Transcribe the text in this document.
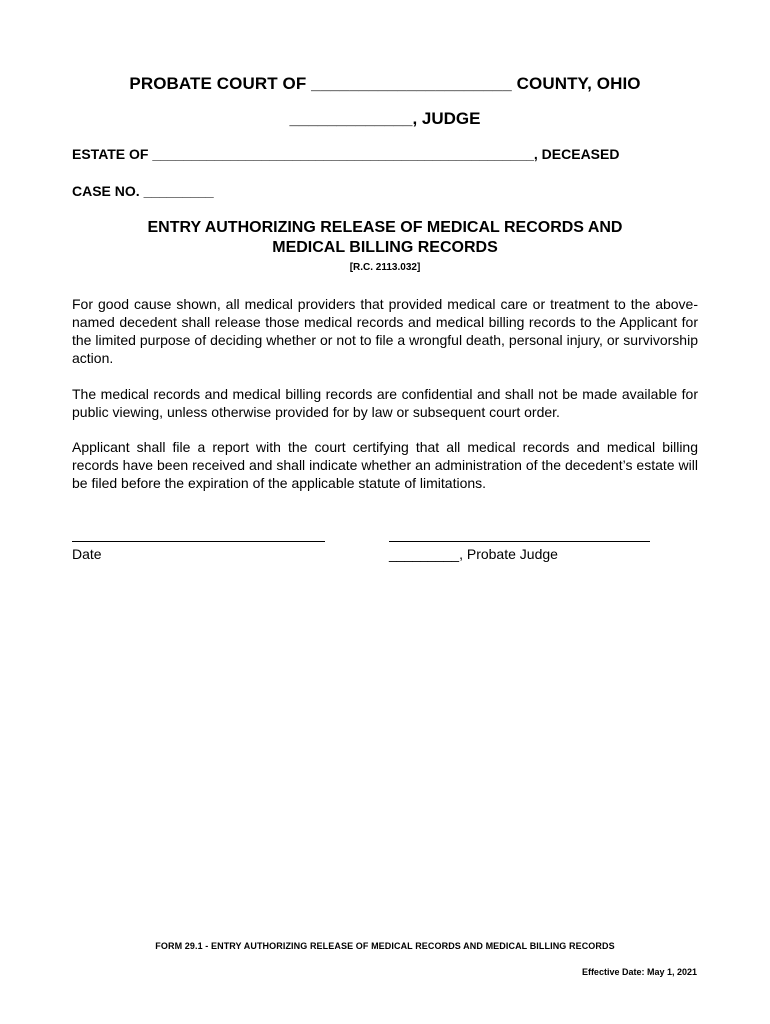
PROBATE COURT OF _____________________ COUNTY, OHIO
_____________, JUDGE
ESTATE OF _________________________________________________, DECEASED
CASE NO. _________
ENTRY AUTHORIZING RELEASE OF MEDICAL RECORDS AND
MEDICAL BILLING RECORDS
[R.C. 2113.032]
For good cause shown, all medical providers that provided medical care or treatment to the above-named decedent shall release those medical records and medical billing records to the Applicant for the limited purpose of deciding whether or not to file a wrongful death, personal injury, or survivorship action.
The medical records and medical billing records are confidential and shall not be made available for public viewing, unless otherwise provided for by law or subsequent court order.
Applicant shall file a report with the court certifying that all medical records and medical billing records have been received and shall indicate whether an administration of the decedent’s estate will be filed before the expiration of the applicable statute of limitations.
Date	_________, Probate Judge
FORM 29.1 - ENTRY AUTHORIZING RELEASE OF MEDICAL RECORDS AND MEDICAL BILLING RECORDS
Effective Date: May 1, 2021
